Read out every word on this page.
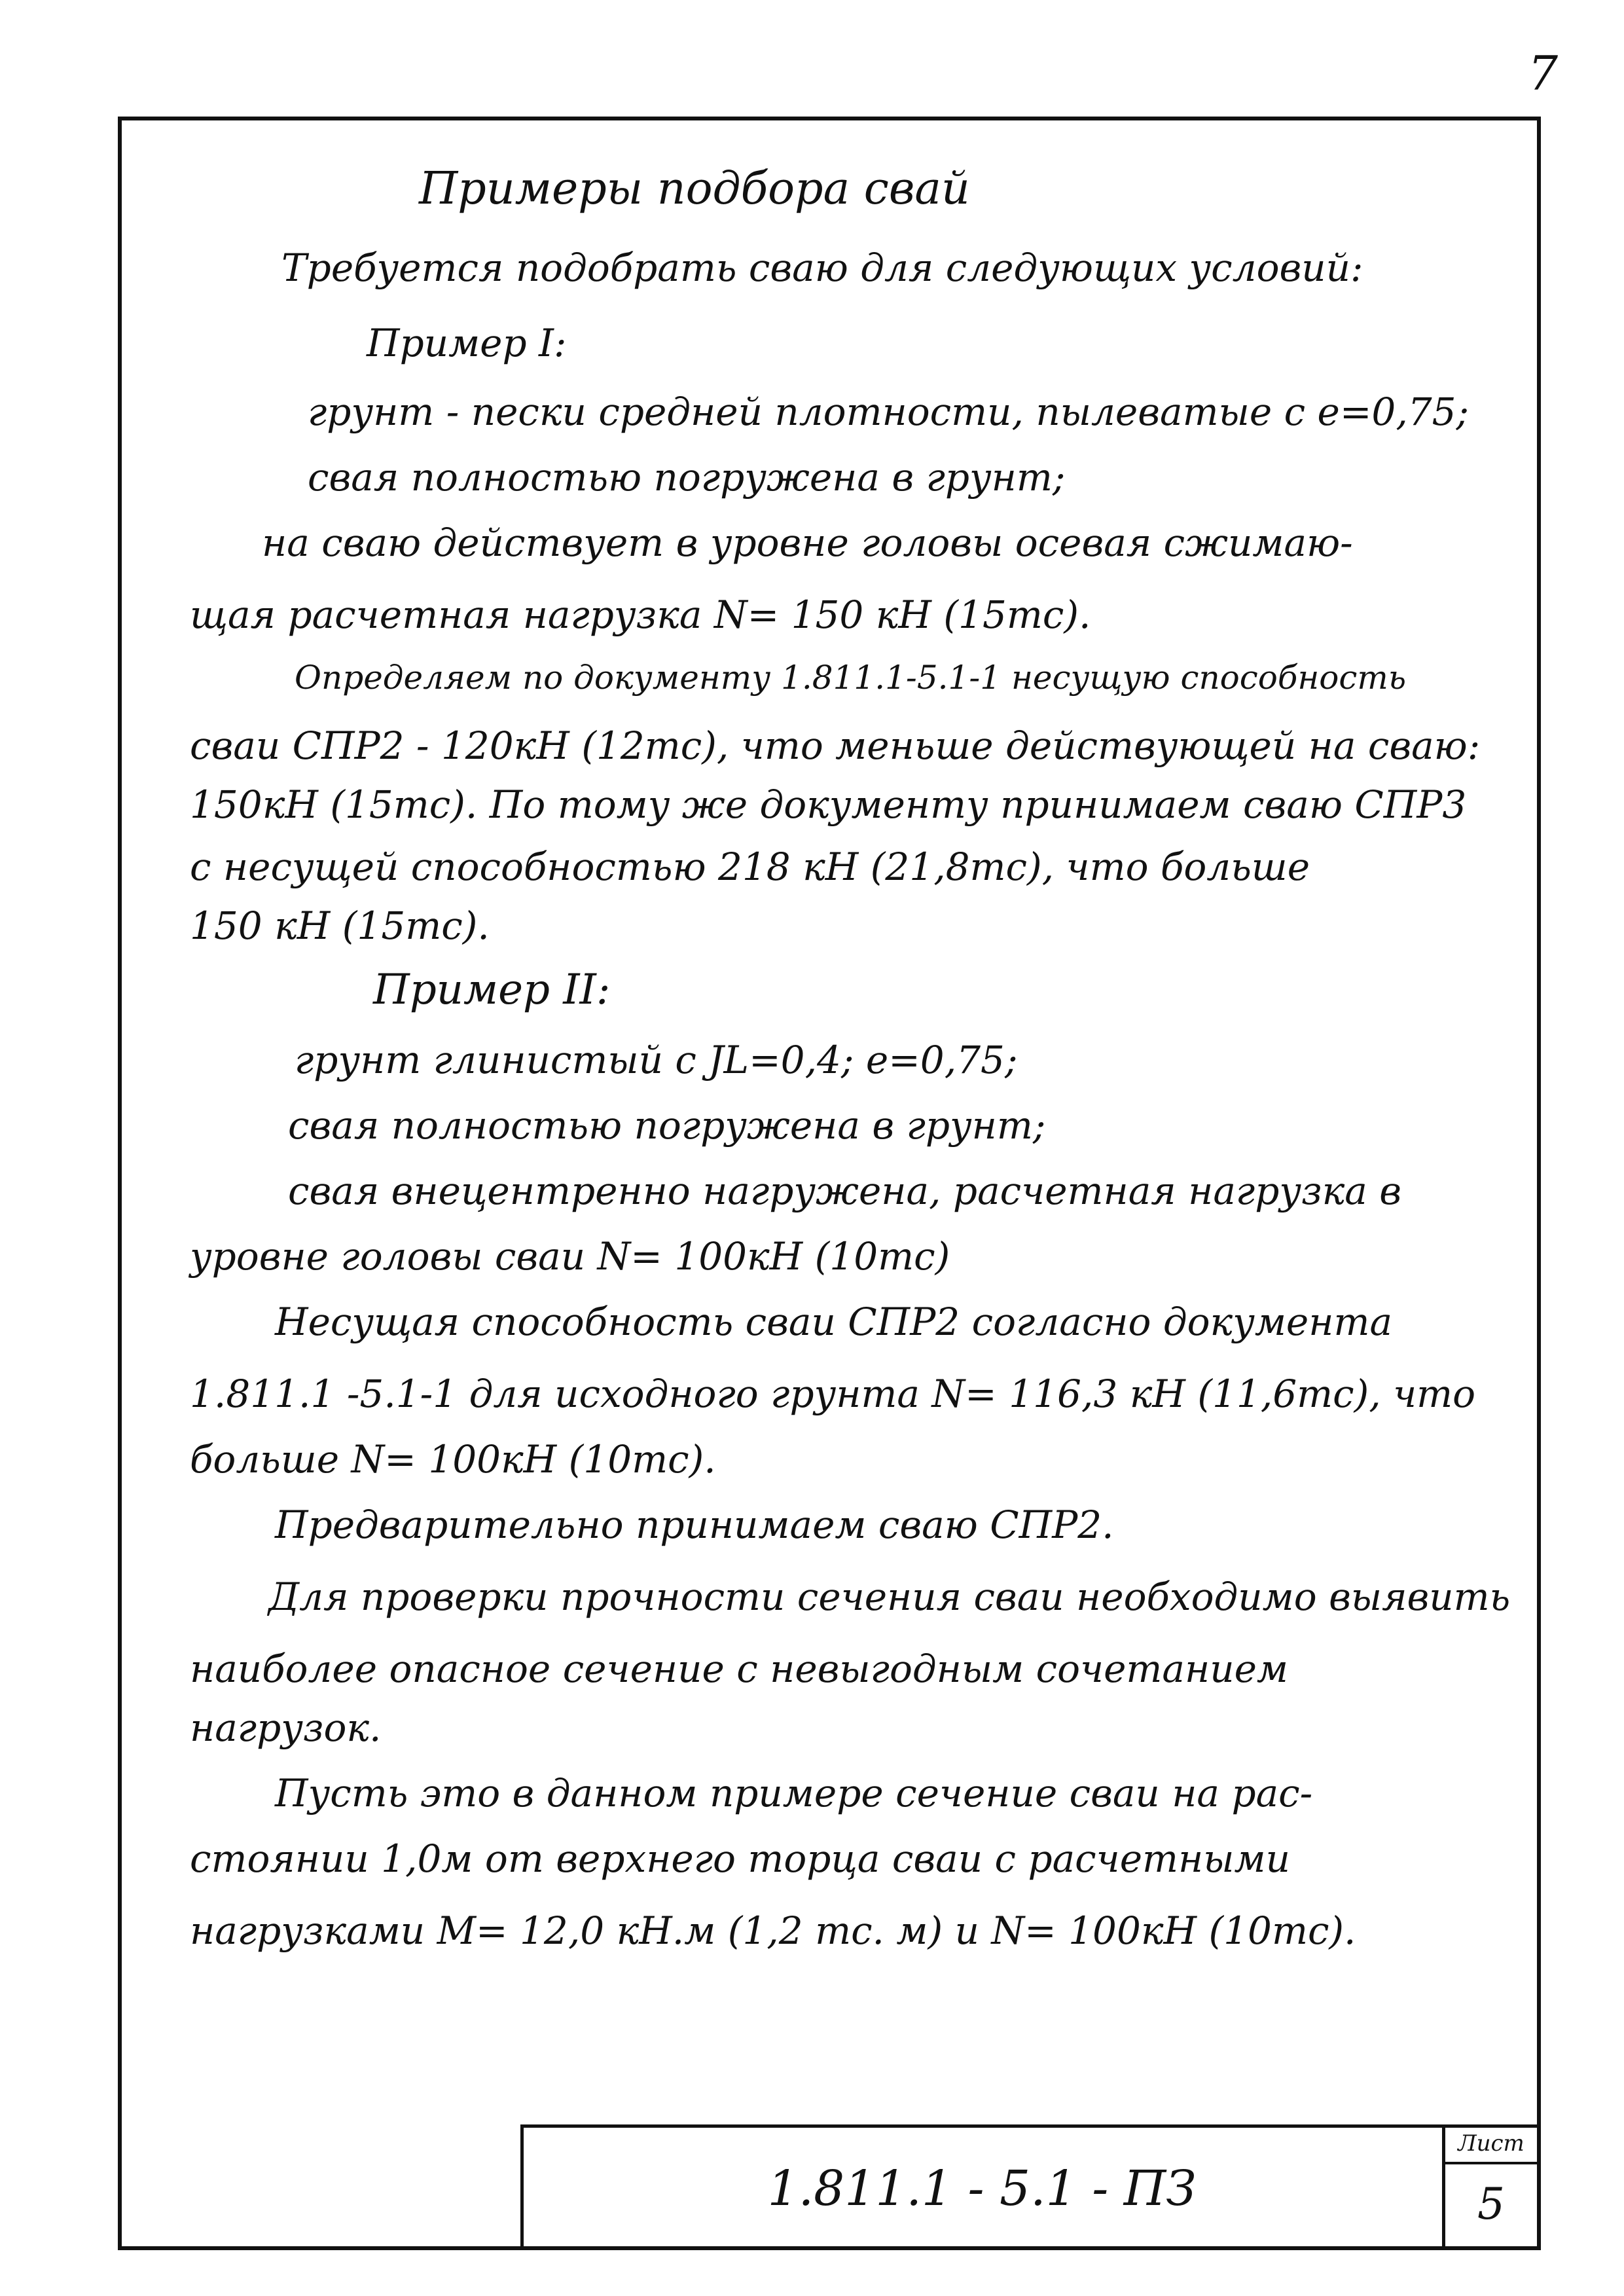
7
Примеры подбора свай
Требуется подобрать сваю для следующих условий:
Пример I:
грунт - пески средней плотности, пылеватые с e=0,75;
свая полностью погружена в грунт;
на сваю действует в уровне головы осевая сжимаю-
щая расчетная нагрузка N= 150 кН (15тс).
Определяем по документу 1.811.1-5.1-1 несущую способность
сваи СПР2 - 120кН (12тс), что меньше действующей на сваю:
150кН (15тс). По тому же документу принимаем сваю СПР3
с несущей способностью 218 кН (21,8тс), что больше
150 кН (15тс).
Пример II:
грунт глинистый с JL=0,4; e=0,75;
свая полностью погружена в грунт;
свая внецентренно нагружена, расчетная нагрузка в
уровне головы сваи N= 100кН (10тс)
Несущая способность сваи СПР2 согласно документа
1.811.1 -5.1-1 для исходного грунта N= 116,3 кН (11,6тс), что
больше N= 100кН (10тс).
Предварительно принимаем сваю СПР2.
Для проверки прочности сечения сваи необходимо выявить
наиболее опасное сечение с невыгодным сочетанием
нагрузок.
Пусть это в данном примере сечение сваи на рас-
стоянии 1,0м от верхнего торца сваи с расчетными
нагрузками M= 12,0 кН.м (1,2 тс. м) и N= 100кН (10тс).
1.811.1 - 5.1 - ПЗ
Лист
5
